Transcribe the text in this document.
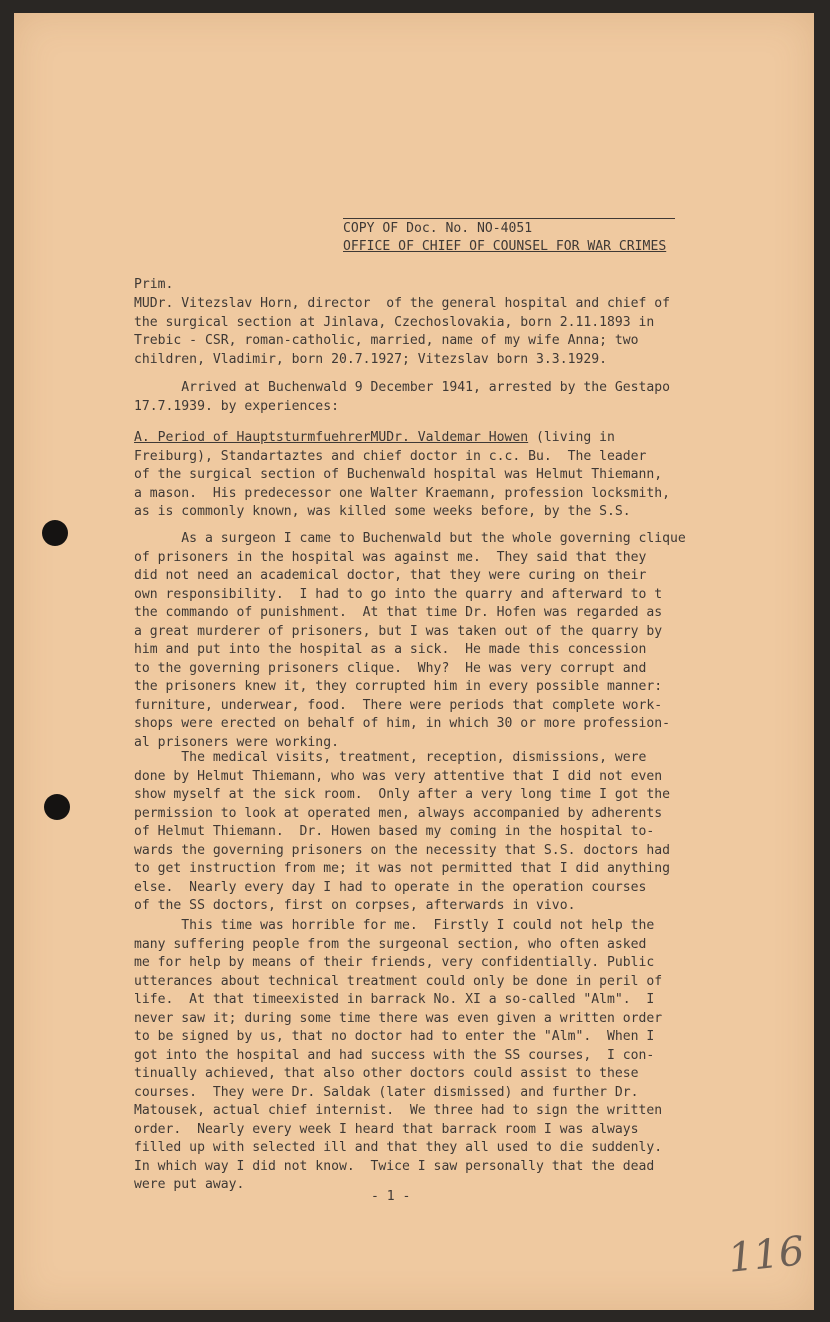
COPY OF Doc. No. NO-4051

OFFICE OF CHIEF OF COUNSEL FOR WAR CRIMES

Prim.

MUDr. Vitezslav Horn, director  of the general hospital and chief of

the surgical section at Jinlava, Czechoslovakia, born 2.11.1893 in

Trebic - CSR, roman-catholic, married, name of my wife Anna; two

children, Vladimir, born 20.7.1927; Vitezslav born 3.3.1929.

Arrived at Buchenwald 9 December 1941, arrested by the Gestapo

17.7.1939. by experiences:

A. Period of HauptsturmfuehrerMUDr. Valdemar Howen (living in

Freiburg), Standartaztes and chief doctor in c.c. Bu.  The leader

of the surgical section of Buchenwald hospital was Helmut Thiemann,

a mason.  His predecessor one Walter Kraemann, profession locksmith,

as is commonly known, was killed some weeks before, by the S.S.

As a surgeon I came to Buchenwald but the whole governing clique

of prisoners in the hospital was against me.  They said that they

did not need an academical doctor, that they were curing on their

own responsibility.  I had to go into the quarry and afterward to t

the commando of punishment.  At that time Dr. Hofen was regarded as

a great murderer of prisoners, but I was taken out of the quarry by

him and put into the hospital as a sick.  He made this concession

to the governing prisoners clique.  Why?  He was very corrupt and

the prisoners knew it, they corrupted him in every possible manner:

furniture, underwear, food.  There were periods that complete work-

shops were erected on behalf of him, in which 30 or more profession-

al prisoners were working.

The medical visits, treatment, reception, dismissions, were

done by Helmut Thiemann, who was very attentive that I did not even

show myself at the sick room.  Only after a very long time I got the

permission to look at operated men, always accompanied by adherents

of Helmut Thiemann.  Dr. Howen based my coming in the hospital to-

wards the governing prisoners on the necessity that S.S. doctors had

to get instruction from me; it was not permitted that I did anything

else.  Nearly every day I had to operate in the operation courses

of the SS doctors, first on corpses, afterwards in vivo.

This time was horrible for me.  Firstly I could not help the

many suffering people from the surgeonal section, who often asked

me for help by means of their friends, very confidentially. Public

utterances about technical treatment could only be done in peril of

life.  At that timeexisted in barrack No. XI a so-called "Alm".  I

never saw it; during some time there was even given a written order

to be signed by us, that no doctor had to enter the "Alm".  When I

got into the hospital and had success with the SS courses,  I con-

tinually achieved, that also other doctors could assist to these

courses.  They were Dr. Saldak (later dismissed) and further Dr.

Matousek, actual chief internist.  We three had to sign the written

order.  Nearly every week I heard that barrack room I was always

filled up with selected ill and that they all used to die suddenly.

In which way I did not know.  Twice I saw personally that the dead

were put away.

- 1 -

116
